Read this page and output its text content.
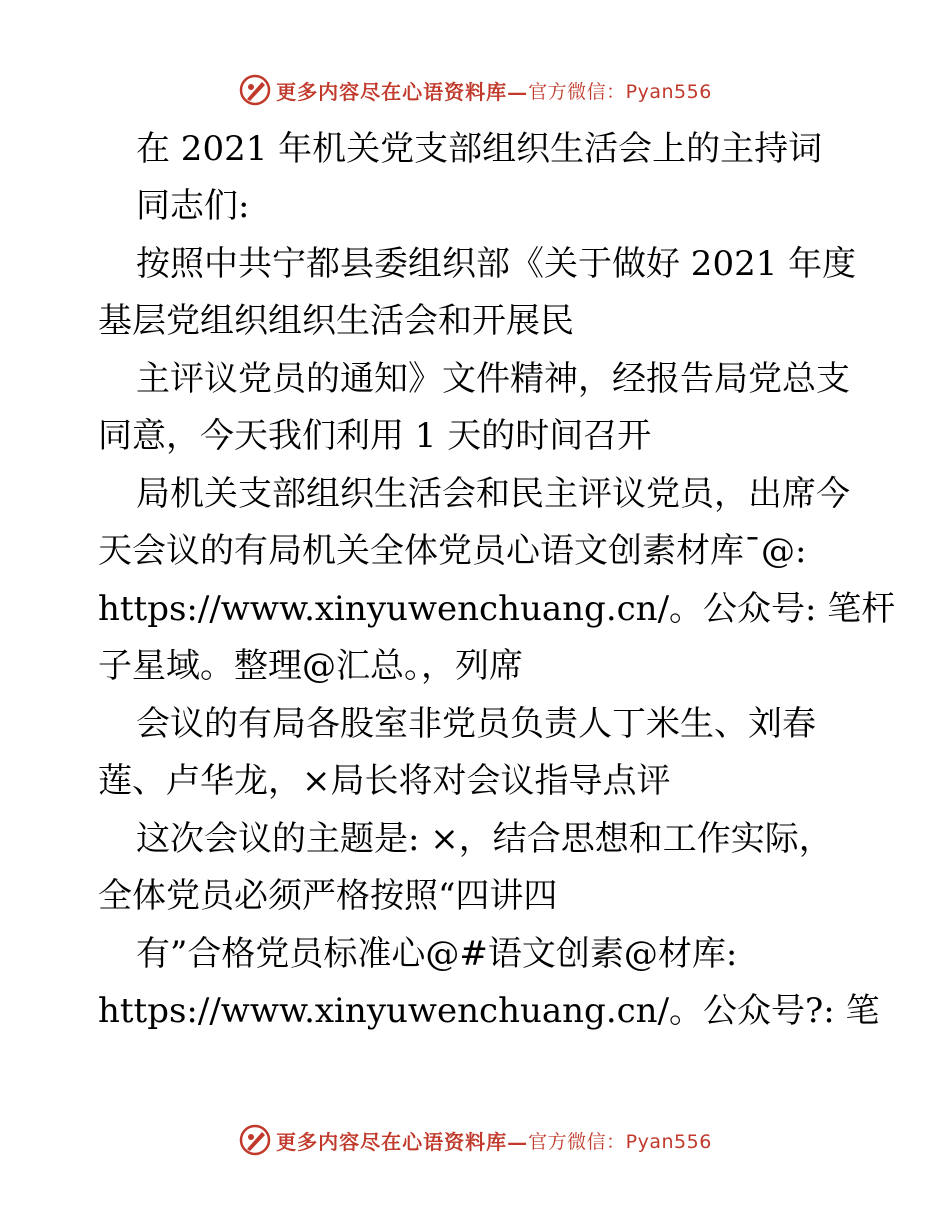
更多内容尽在心语资料库— 官方微信：Pyan556
在 2021 年机关党支部组织生活会上的主持词
同志们:
按照中共宁都县委组织部《关于做好 2021 年度
基层党组织组织生活会和开展民
主评议党员的通知》文件精神，经报告局党总支
同意，今天我们利用 1 天的时间召开
局机关支部组织生活会和民主评议党员，出席今
天会议的有局机关全体党员心语文创素材库¯@:
https://www.xinyuwenchuang.cn/。公众号: 笔杆
子星域。整理@汇总。，列席
会议的有局各股室非党员负责人丁米生、刘春
莲、卢华龙，×局长将对会议指导点评
这次会议的主题是: ×，结合思想和工作实际，
全体党员必须严格按照“四讲四
有”合格党员标准心@#语文创素@材库:
https://www.xinyuwenchuang.cn/。公众号?: 笔
更多内容尽在心语资料库— 官方微信：Pyan556
